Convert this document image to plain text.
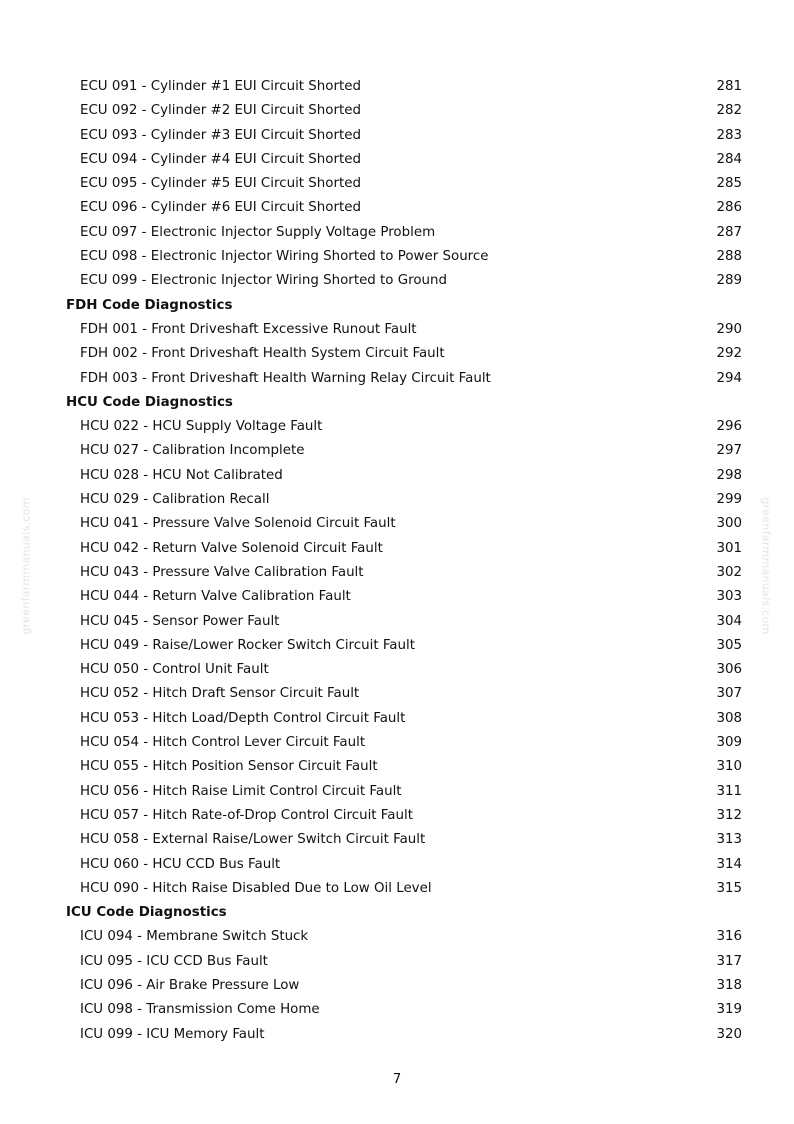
greenfarmmanuals.com	greenfarmmanuals.com
ECU 091 - Cylinder #1 EUI Circuit Shorted	281
ECU 092 - Cylinder #2 EUI Circuit Shorted	282
ECU 093 - Cylinder #3 EUI Circuit Shorted	283
ECU 094 - Cylinder #4 EUI Circuit Shorted	284
ECU 095 - Cylinder #5 EUI Circuit Shorted	285
ECU 096 - Cylinder #6 EUI Circuit Shorted	286
ECU 097 - Electronic Injector Supply Voltage Problem	287
ECU 098 - Electronic Injector Wiring Shorted to Power Source	288
ECU 099 - Electronic Injector Wiring Shorted to Ground	289
FDH Code Diagnostics
FDH 001 - Front Driveshaft Excessive Runout Fault	290
FDH 002 - Front Driveshaft Health System Circuit Fault	292
FDH 003 - Front Driveshaft Health Warning Relay Circuit Fault	294
HCU Code Diagnostics
HCU 022 - HCU Supply Voltage Fault	296
HCU 027 - Calibration Incomplete	297
HCU 028 - HCU Not Calibrated	298
HCU 029 - Calibration Recall	299
HCU 041 - Pressure Valve Solenoid Circuit Fault	300
HCU 042 - Return Valve Solenoid Circuit Fault	301
HCU 043 - Pressure Valve Calibration Fault	302
HCU 044 - Return Valve Calibration Fault	303
HCU 045 - Sensor Power Fault	304
HCU 049 - Raise/Lower Rocker Switch Circuit Fault	305
HCU 050 - Control Unit Fault	306
HCU 052 - Hitch Draft Sensor Circuit Fault	307
HCU 053 - Hitch Load/Depth Control Circuit Fault	308
HCU 054 - Hitch Control Lever Circuit Fault	309
HCU 055 - Hitch Position Sensor Circuit Fault	310
HCU 056 - Hitch Raise Limit Control Circuit Fault	311
HCU 057 - Hitch Rate-of-Drop Control Circuit Fault	312
HCU 058 - External Raise/Lower Switch Circuit Fault	313
HCU 060 - HCU CCD Bus Fault	314
HCU 090 - Hitch Raise Disabled Due to Low Oil Level	315
ICU Code Diagnostics
ICU 094 - Membrane Switch Stuck	316
ICU 095 - ICU CCD Bus Fault	317
ICU 096 - Air Brake Pressure Low	318
ICU 098 - Transmission Come Home	319
ICU 099 - ICU Memory Fault	320
7
